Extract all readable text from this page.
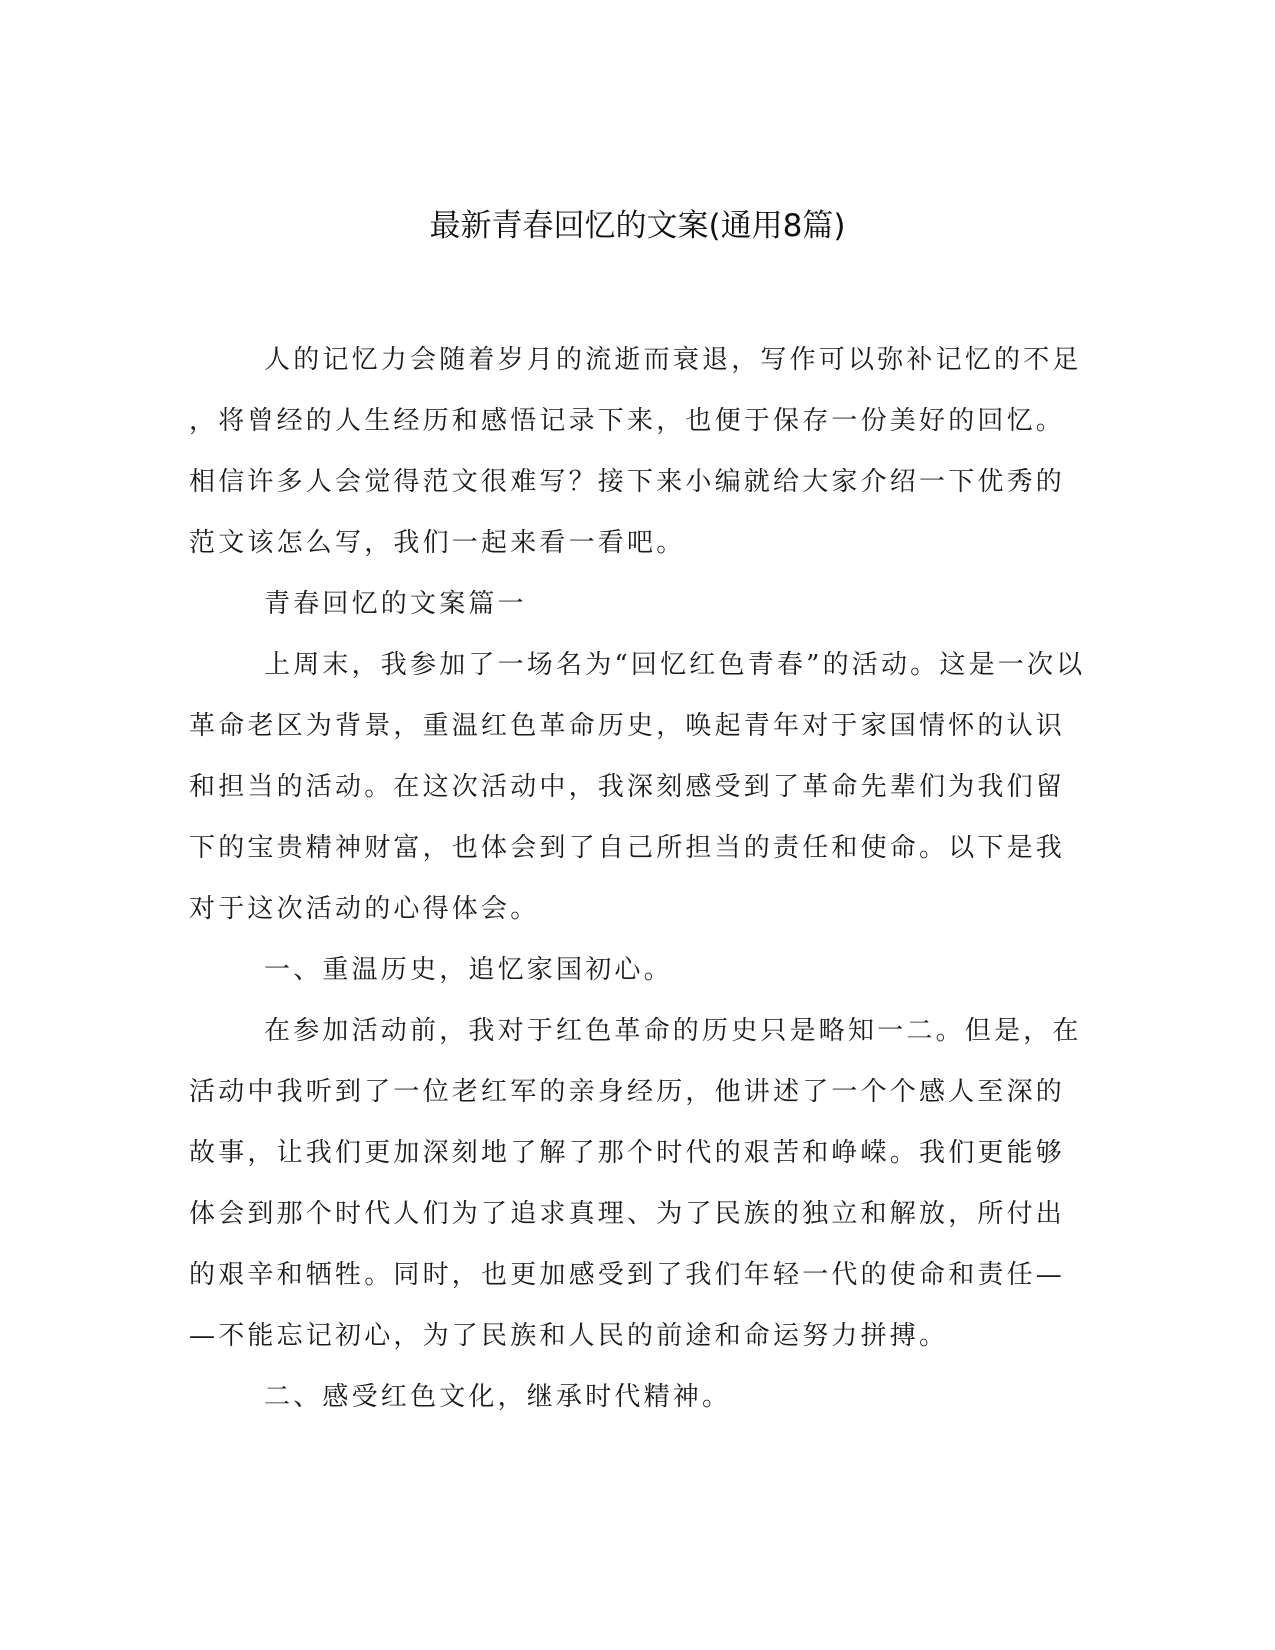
最新青春回忆的文案(通用8篇)

人的记忆力会随着岁月的流逝而衰退，写作可以弥补记忆的不足
，将曾经的人生经历和感悟记录下来，也便于保存一份美好的回忆。
相信许多人会觉得范文很难写？接下来小编就给大家介绍一下优秀的
范文该怎么写，我们一起来看一看吧。

青春回忆的文案篇一

上周末，我参加了一场名为“回忆红色青春”的活动。这是一次以
革命老区为背景，重温红色革命历史，唤起青年对于家国情怀的认识
和担当的活动。在这次活动中，我深刻感受到了革命先辈们为我们留
下的宝贵精神财富，也体会到了自己所担当的责任和使命。以下是我
对于这次活动的心得体会。

一、重温历史，追忆家国初心。

在参加活动前，我对于红色革命的历史只是略知一二。但是，在
活动中我听到了一位老红军的亲身经历，他讲述了一个个感人至深的
故事，让我们更加深刻地了解了那个时代的艰苦和峥嵘。我们更能够
体会到那个时代人们为了追求真理、为了民族的独立和解放，所付出
的艰辛和牺牲。同时，也更加感受到了我们年轻一代的使命和责任—
—不能忘记初心，为了民族和人民的前途和命运努力拼搏。

二、感受红色文化，继承时代精神。
